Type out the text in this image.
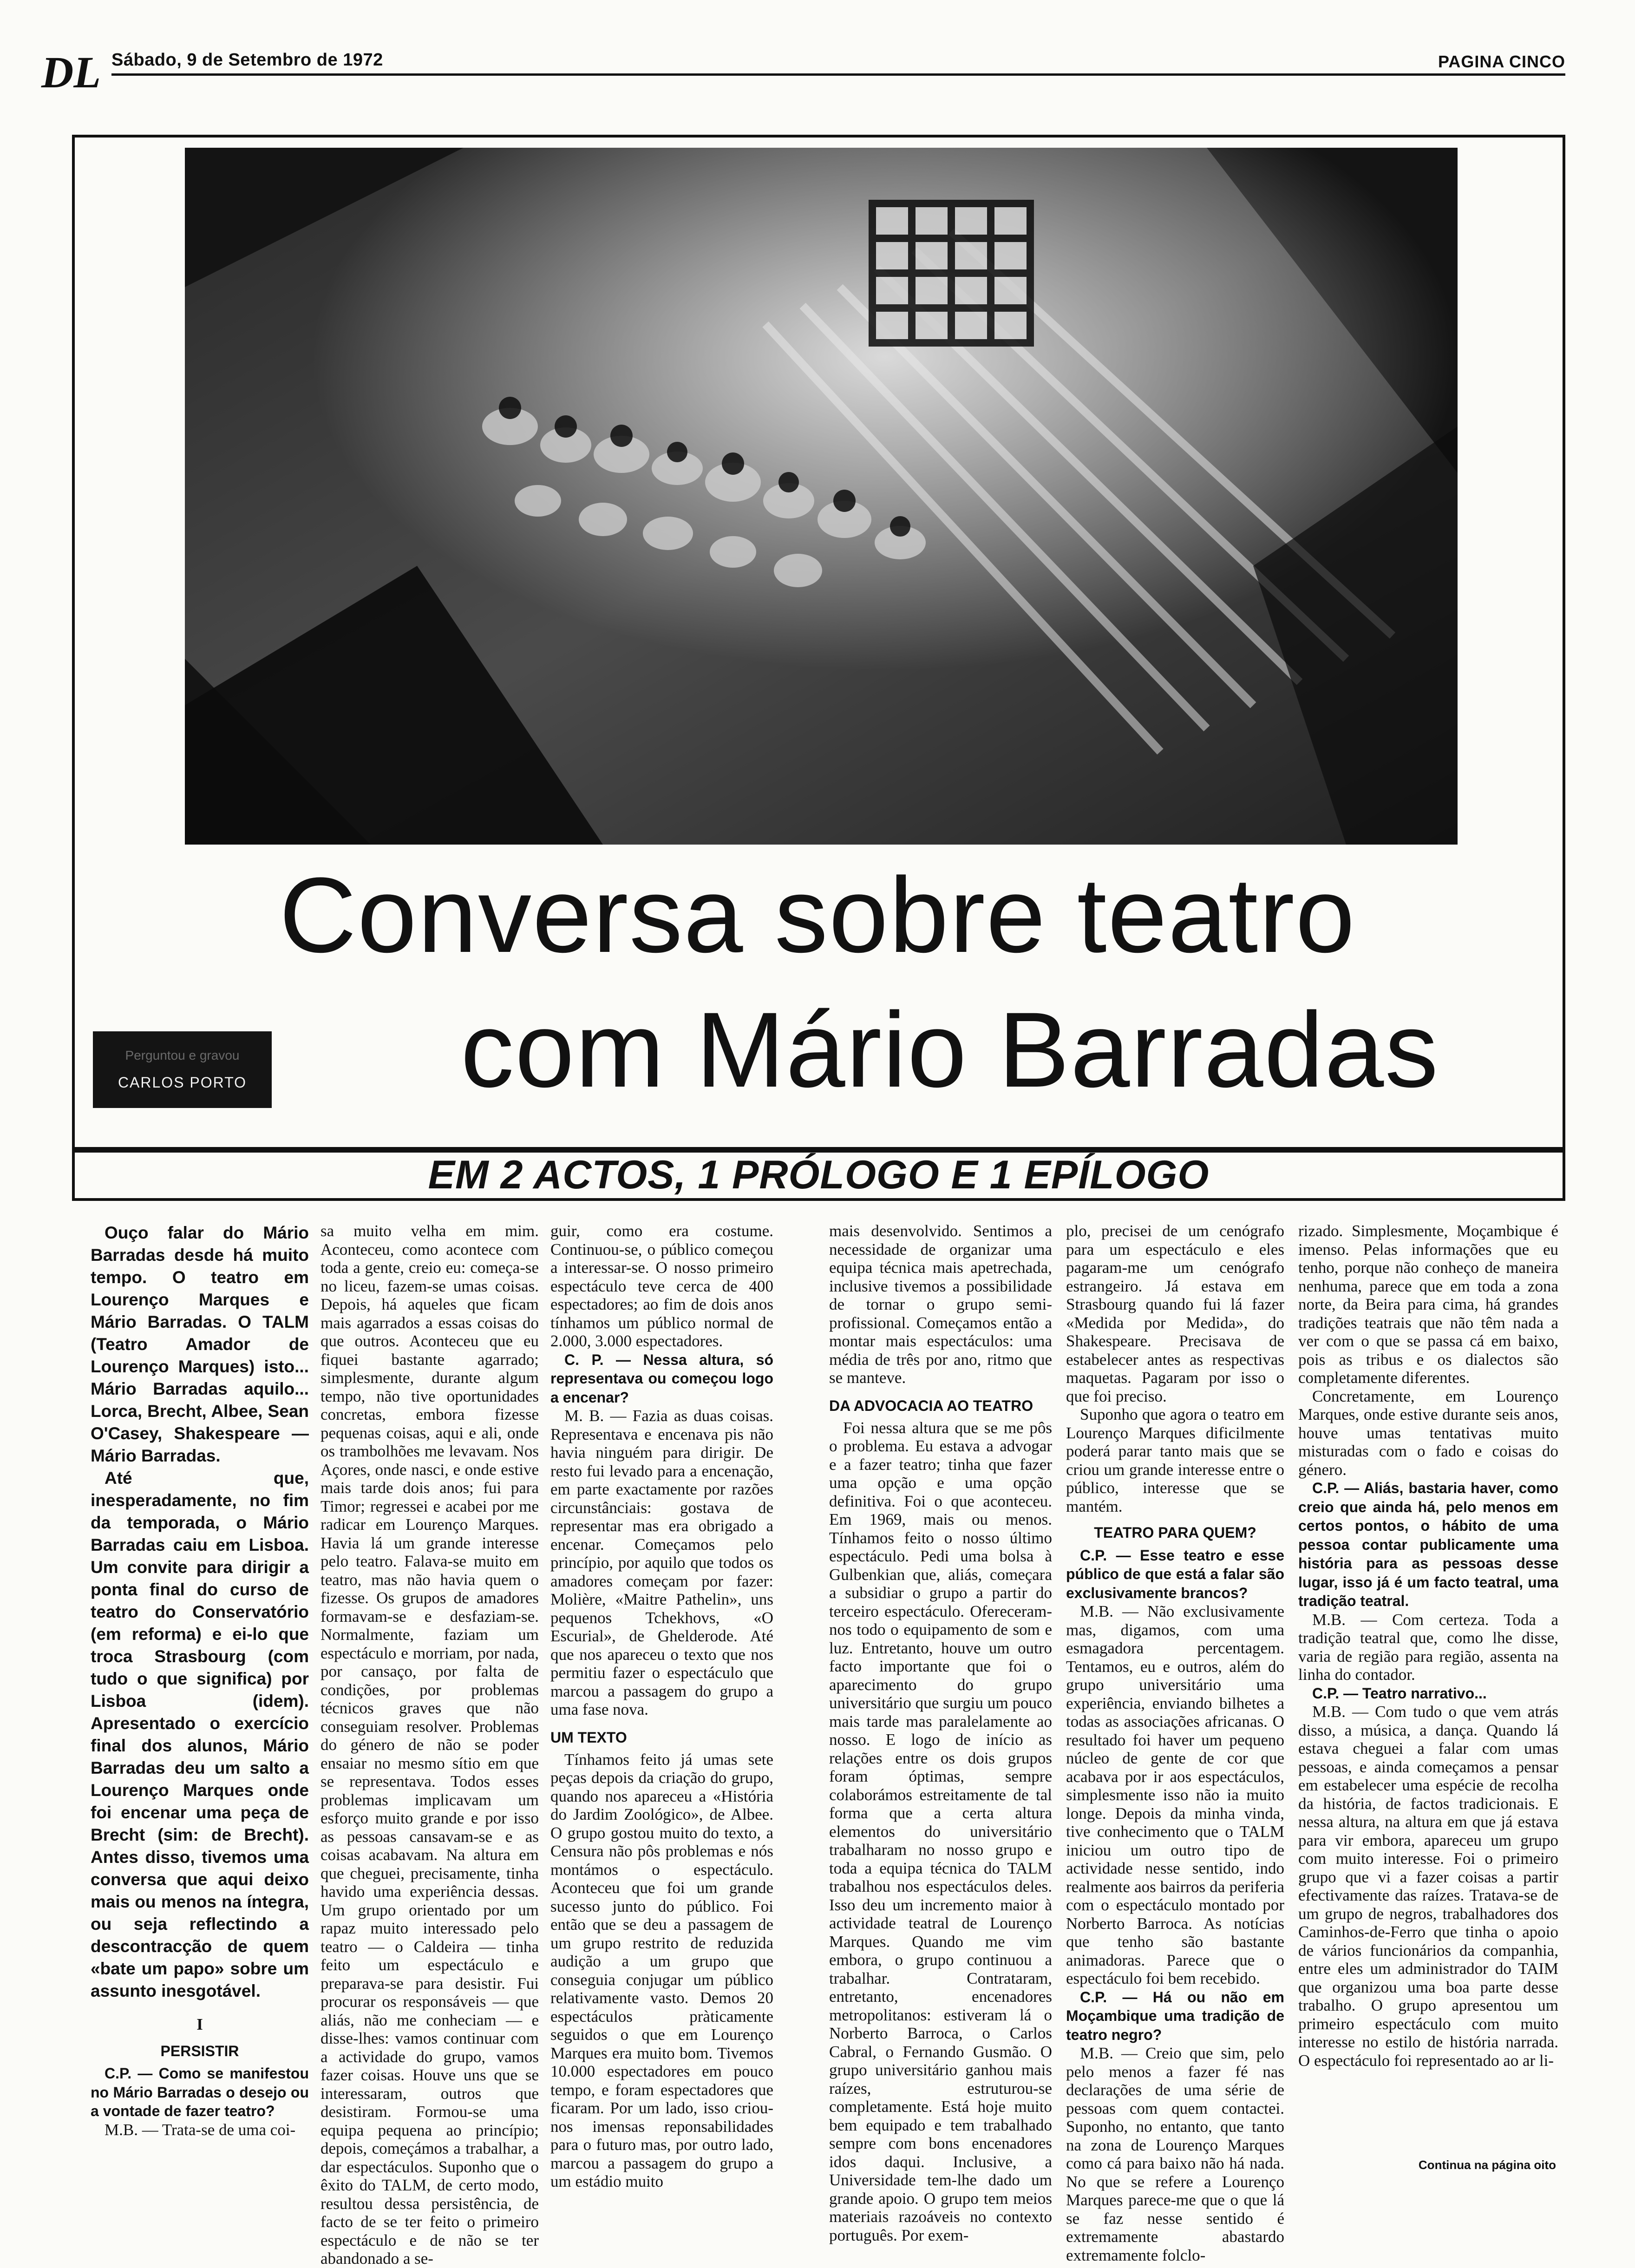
DL Sábado, 9 de Setembro de 1972	PAGINA CINCO
Conversa sobre teatro
com Mário Barradas
Perguntou e gravou
CARLOS PORTO
EM 2 ACTOS, 1 PRÓLOGO E 1 EPÍLOGO

Ouço falar do Mário Barradas desde há muito tempo. O teatro em Lourenço Marques e Mário Barradas. O TALM (Teatro Amador de Lourenço Marques) isto... Mário Barradas aquilo... Lorca, Brecht, Albee, Sean O'Casey, Shakespeare — Mário Barradas.

Até que, inesperadamente, no fim da temporada, o Mário Barradas caiu em Lisboa. Um convite para dirigir a ponta final do curso de teatro do Conservatório (em reforma) e ei-lo que troca Strasbourg (com tudo o que significa) por Lisboa (idem). Apresentado o exercício final dos alunos, Mário Barradas deu um salto a Lourenço Marques onde foi encenar uma peça de Brecht (sim: de Brecht). Antes disso, tivemos uma conversa que aqui deixo mais ou menos na íntegra, ou seja reflectindo a descontracção de quem «bate um papo» sobre um assunto inesgotável.

I

PERSISTIR

C.P. — Como se manifestou no Mário Barradas o desejo ou a vontade de fazer teatro?

M.B. — Trata-se de uma coi-

sa muito velha em mim. Aconteceu, como acontece com toda a gente, creio eu: começa-se no liceu, fazem-se umas coisas. Depois, há aqueles que ficam mais agarrados a essas coisas do que outros. Aconteceu que eu fiquei bastante agarrado; simplesmente, durante algum tempo, não tive oportunidades concretas, embora fizesse pequenas coisas, aqui e ali, onde os trambolhões me levavam. Nos Açores, onde nasci, e onde estive mais tarde dois anos; fui para Timor; regressei e acabei por me radicar em Lourenço Marques. Havia lá um grande interesse pelo teatro. Falava-se muito em teatro, mas não havia quem o fizesse. Os grupos de amadores formavam-se e desfaziam-se. Normalmente, faziam um espectáculo e morriam, por nada, por cansaço, por falta de condições, por problemas técnicos graves que não conseguiam resolver. Problemas do género de não se poder ensaiar no mesmo sítio em que se representava. Todos esses problemas implicavam um esforço muito grande e por isso as pessoas cansavam-se e as coisas acabavam. Na altura em que cheguei, precisamente, tinha havido uma experiência dessas. Um grupo orientado por um rapaz muito interessado pelo teatro — o Caldeira — tinha feito um espectáculo e preparava-se para desistir. Fui procurar os responsáveis — que aliás, não me conheciam — e disse-lhes: vamos continuar com a actividade do grupo, vamos fazer coisas. Houve uns que se interessaram, outros que desistiram. Formou-se uma equipa pequena ao princípio; depois, começámos a trabalhar, a dar espectáculos. Suponho que o êxito do TALM, de certo modo, resultou dessa persistência, de facto de se ter feito o primeiro espectáculo e de não se ter abandonado a se-

guir, como era costume. Continuou-se, o público começou a interessar-se. O nosso primeiro espectáculo teve cerca de 400 espectadores; ao fim de dois anos tínhamos um público normal de 2.000, 3.000 espectadores.

C. P. — Nessa altura, só representava ou começou logo a encenar?

M. B. — Fazia as duas coisas. Representava e encenava pis não havia ninguém para dirigir. De resto fui levado para a encenação, em parte exactamente por razões circunstânciais: gostava de representar mas era obrigado a encenar. Começamos pelo princípio, por aquilo que todos os amadores começam por fazer: Molière, «Maitre Pathelin», uns pequenos Tchekhovs, «O Escurial», de Ghelderode. Até que nos apareceu o texto que nos permitiu fazer o espectáculo que marcou a passagem do grupo a uma fase nova.

UM TEXTO

Tínhamos feito já umas sete peças depois da criação do grupo, quando nos apareceu a «História do Jardim Zoológico», de Albee. O grupo gostou muito do texto, a Censura não pôs problemas e nós montámos o espectáculo. Aconteceu que foi um grande sucesso junto do público. Foi então que se deu a passagem de um grupo restrito de reduzida audição a um grupo que conseguia conjugar um público relativamente vasto. Demos 20 espectáculos pràticamente seguidos o que em Lourenço Marques era muito bom. Tivemos 10.000 espectadores em pouco tempo, e foram espectadores que ficaram. Por um lado, isso criou-nos imensas reponsabilidades para o futuro mas, por outro lado, marcou a passagem do grupo a um estádio muito

mais desenvolvido. Sentimos a necessidade de organizar uma equipa técnica mais apetrechada, inclusive tivemos a possibilidade de tornar o grupo semi-profissional. Começamos então a montar mais espectáculos: uma média de três por ano, ritmo que se manteve.

DA ADVOCACIA AO TEATRO

Foi nessa altura que se me pôs o problema. Eu estava a advogar e a fazer teatro; tinha que fazer uma opção e uma opção definitiva. Foi o que aconteceu. Em 1969, mais ou menos. Tínhamos feito o nosso último espectáculo. Pedi uma bolsa à Gulbenkian que, aliás, começara a subsidiar o grupo a partir do terceiro espectáculo. Ofereceram-nos todo o equipamento de som e luz. Entretanto, houve um outro facto importante que foi o aparecimento do grupo universitário que surgiu um pouco mais tarde mas paralelamente ao nosso. E logo de início as relações entre os dois grupos foram óptimas, sempre colaborámos estreitamente de tal forma que a certa altura elementos do universitário trabalharam no nosso grupo e toda a equipa técnica do TALM trabalhou nos espectáculos deles. Isso deu um incremento maior à actividade teatral de Lourenço Marques. Quando me vim embora, o grupo continuou a trabalhar. Contrataram, entretanto, encenadores metropolitanos: estiveram lá o Norberto Barroca, o Carlos Cabral, o Fernando Gusmão. O grupo universitário ganhou mais raízes, estruturou-se completamente. Está hoje muito bem equipado e tem trabalhado sempre com bons encenadores idos daqui. Inclusive, a Universidade tem-lhe dado um grande apoio. O grupo tem meios materiais razoáveis no contexto português. Por exem-

plo, precisei de um cenógrafo para um espectáculo e eles pagaram-me um cenógrafo estrangeiro. Já estava em Strasbourg quando fui lá fazer «Medida por Medida», do Shakespeare. Precisava de estabelecer antes as respectivas maquetas. Pagaram por isso o que foi preciso.

Suponho que agora o teatro em Lourenço Marques dificilmente poderá parar tanto mais que se criou um grande interesse entre o público, interesse que se mantém.

TEATRO PARA QUEM?

C.P. — Esse teatro e esse público de que está a falar são exclusivamente brancos?

M.B. — Não exclusivamente mas, digamos, com uma esmagadora percentagem. Tentamos, eu e outros, além do grupo universitário uma experiência, enviando bilhetes a todas as associações africanas. O resultado foi haver um pequeno núcleo de gente de cor que acabava por ir aos espectáculos, simplesmente isso não ia muito longe. Depois da minha vinda, tive conhecimento que o TALM iniciou um outro tipo de actividade nesse sentido, indo realmente aos bairros da periferia com o espectáculo montado por Norberto Barroca. As notícias que tenho são bastante animadoras. Parece que o espectáculo foi bem recebido.

C.P. — Há ou não em Moçambique uma tradição de teatro negro?

M.B. — Creio que sim, pelo pelo menos a fazer fé nas declarações de uma série de pessoas com quem contactei. Suponho, no entanto, que tanto na zona de Lourenço Marques como cá para baixo não há nada. No que se refere a Lourenço Marques parece-me que o que lá se faz nesse sentido é extremamente abastardo extremamente folclo-

rizado. Simplesmente, Moçambique é imenso. Pelas informações que eu tenho, porque não conheço de maneira nenhuma, parece que em toda a zona norte, da Beira para cima, há grandes tradições teatrais que não têm nada a ver com o que se passa cá em baixo, pois as tribus e os dialectos são completamente diferentes.

Concretamente, em Lourenço Marques, onde estive durante seis anos, houve umas tentativas muito misturadas com o fado e coisas do género.

C.P. — Aliás, bastaria haver, como creio que ainda há, pelo menos em certos pontos, o hábito de uma pessoa contar publicamente uma história para as pessoas desse lugar, isso já é um facto teatral, uma tradição teatral.

M.B. — Com certeza. Toda a tradição teatral que, como lhe disse, varia de região para região, assenta na linha do contador.

C.P. — Teatro narrativo...

M.B. — Com tudo o que vem atrás disso, a música, a dança. Quando lá estava cheguei a falar com umas pessoas, e ainda começamos a pensar em estabelecer uma espécie de recolha da história, de factos tradicionais. E nessa altura, na altura em que já estava para vir embora, apareceu um grupo com muito interesse. Foi o primeiro grupo que vi a fazer coisas a partir efectivamente das raízes. Tratava-se de um grupo de negros, trabalhadores dos Caminhos-de-Ferro que tinha o apoio de vários funcionários da companhia, entre eles um administrador do TAIM que organizou uma boa parte desse trabalho. O grupo apresentou um primeiro espectáculo com muito interesse no estilo de história narrada. O espectáculo foi representado ao ar li-

Continua na página oito
